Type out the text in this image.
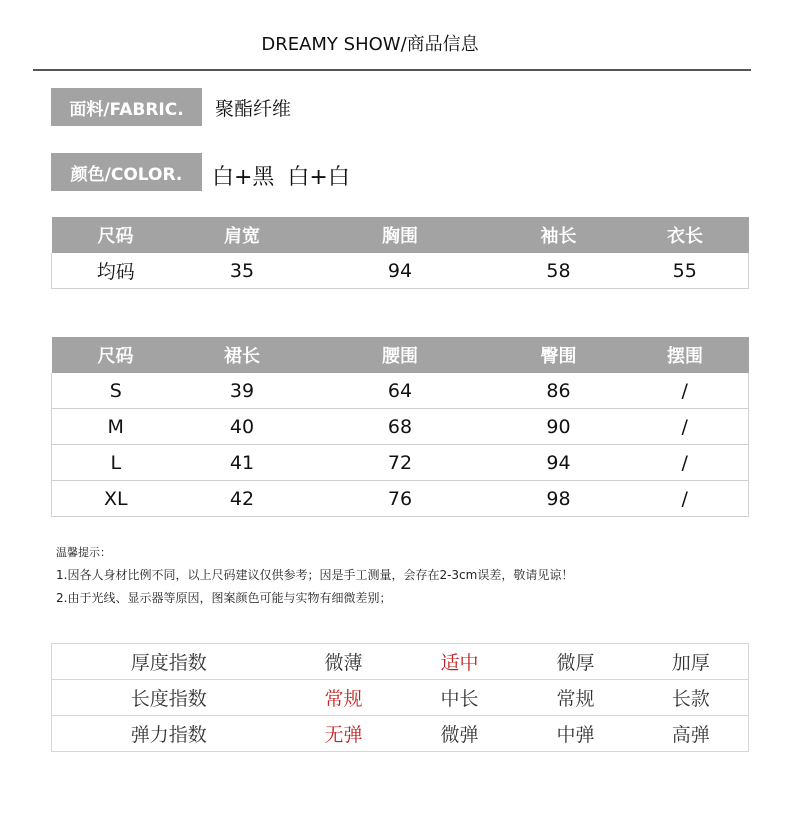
DREAMY SHOW/商品信息
面料/FABRIC.	聚酯纤维
颜色/COLOR.	白+黑 白+白
尺码	肩宽	胸围	袖长	衣长
均码	35	94	58	55
尺码	裙长	腰围	臀围	摆围
S	39	64	86	/
M	40	68	90	/
L	41	72	94	/
XL	42	76	98	/
温馨提示：
1.因各人身材比例不同，以上尺码建议仅供参考；因是手工测量，会存在2-3cm误差，敬请见谅！
2.由于光线、显示器等原因，图案颜色可能与实物有细微差别；
厚度指数	微薄	适中	微厚	加厚
长度指数	常规	中长	常规	长款
弹力指数	无弹	微弹	中弹	高弹
